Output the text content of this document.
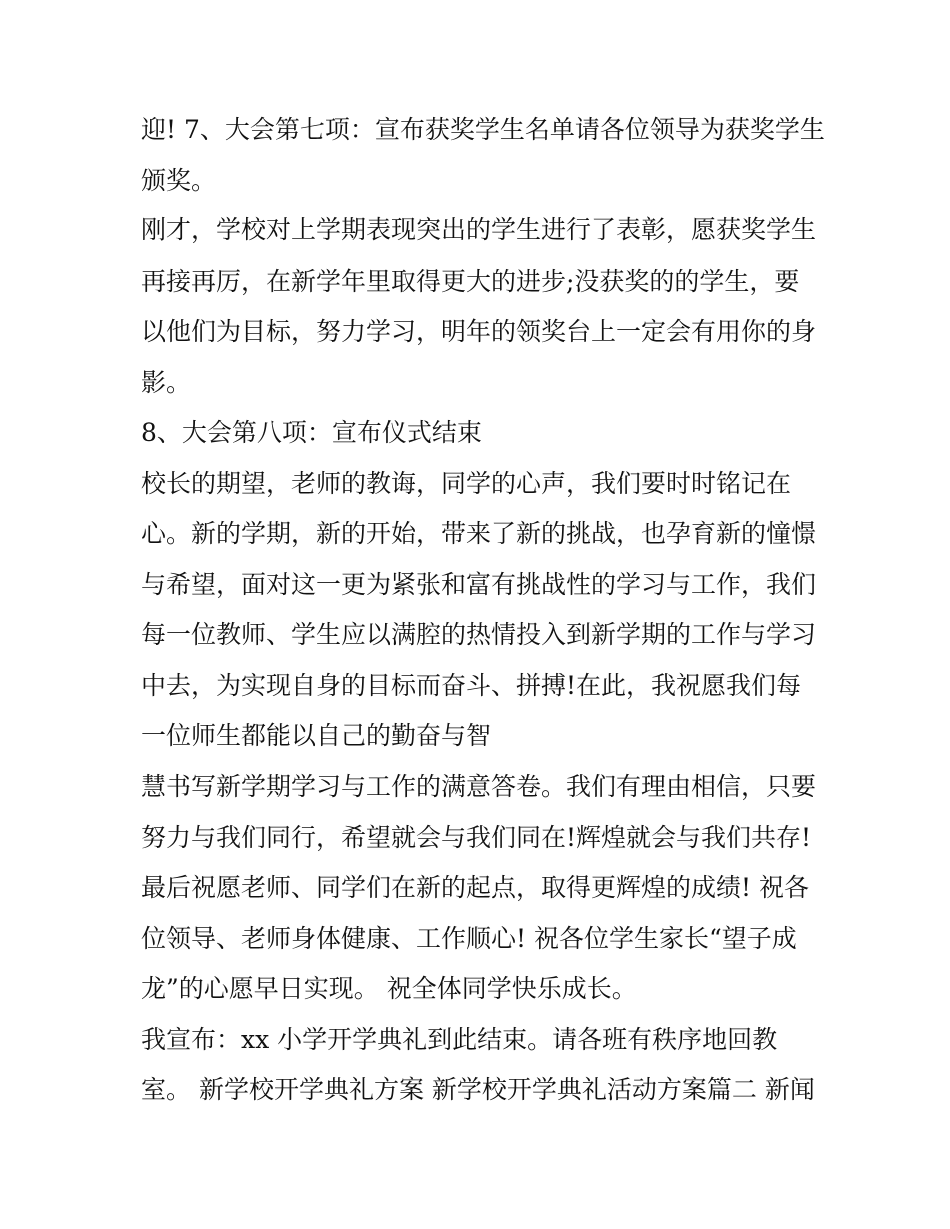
迎! 7、大会第七项：宣布获奖学生名单请各位领导为获奖学生
颁奖。
刚才，学校对上学期表现突出的学生进行了表彰，愿获奖学生
再接再厉，在新学年里取得更大的进步;没获奖的的学生，要
以他们为目标，努力学习，明年的领奖台上一定会有用你的身
影。
8、大会第八项：宣布仪式结束
校长的期望，老师的教诲，同学的心声，我们要时时铭记在
心。新的学期，新的开始，带来了新的挑战，也孕育新的憧憬
与希望，面对这一更为紧张和富有挑战性的学习与工作，我们
每一位教师、学生应以满腔的热情投入到新学期的工作与学习
中去，为实现自身的目标而奋斗、拼搏!在此，我祝愿我们每
一位师生都能以自己的勤奋与智
慧书写新学期学习与工作的满意答卷。我们有理由相信，只要
努力与我们同行，希望就会与我们同在!辉煌就会与我们共存!
最后祝愿老师、同学们在新的起点，取得更辉煌的成绩! 祝各
位领导、老师身体健康、工作顺心! 祝各位学生家长“望子成
龙”的心愿早日实现。 祝全体同学快乐成长。
我宣布：xx 小学开学典礼到此结束。请各班有秩序地回教
室。 新学校开学典礼方案 新学校开学典礼活动方案篇二 新闻
